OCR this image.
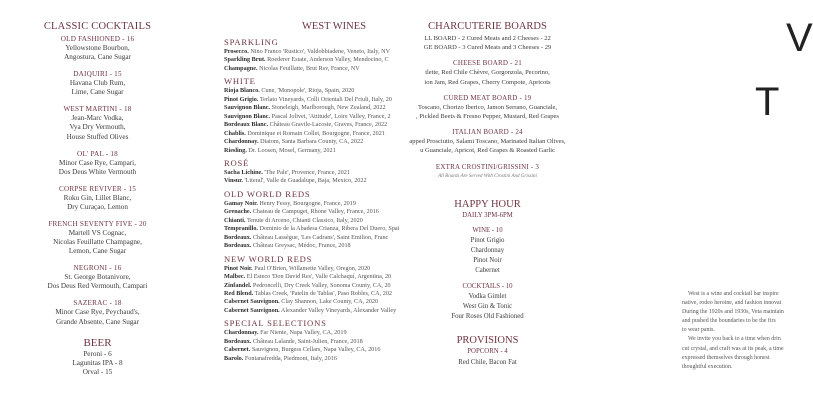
CLASSIC COCKTAILS
OLD FASHIONED - 16
Yellowstone Bourbon,
Angostura, Cane Sugar
DAIQUIRI - 15
Havana Club Rum,
Lime, Cane Sugar
WEST MARTINI - 18
Jean-Marc Vodka,
Vya Dry Vermouth,
House Stuffed Olives
OL' PAL - 18
Minor Case Rye, Campari,
Dos Deus White Vermouth
CORPSE REVIVER - 15
Roku Gin, Lillet Blanc,
Dry Curaçao, Lemon
FRENCH SEVENTY FIVE - 20
Martell VS Cognac,
Nicolas Feuillatte Champagne,
Lemon, Cane Sugar
NEGRONI - 16
St. George Botanivore,
Dos Deus Red Vermouth, Campari
SAZERAC - 18
Minor Case Rye, Peychaud's,
Grande Absente, Cane Sugar
BEER
Peroni - 6
Lagunitas IPA - 8
Orval - 15
WEST WINES
SPARKLING
Prosecco. Nino Franco 'Rustico', Valdobbiadene, Veneto, Italy, NV
Sparkling Brut. Roederer Estate, Anderson Valley, Mendocino, C
Champagne. Nicolas Feuillatte, Brut Rsv, France, NV
WHITE
Rioja Blanco. Cune, 'Monopole', Rioja, Spain, 2020
Pinot Grigio. Terlato Vineyards, Colli Orientali Del Friuli, Italy, 20
Sauvignon Blanc. Stoneleigh, Marlborough, New Zealand, 2022
Sauvignon Blanc. Pascal Jolivet, 'Attitude', Loire Valley, France, 2
Bordeaux Blanc. Château Gravile-Lacoste, Graves, France, 2022
Chablis. Dominique et Romain Collet, Bourgogne, France, 2021
Chardonnay. Diatom, Santa Barbara County, CA, 2022
Riesling. Dr. Loosen, Mosel, Germany, 2021
ROSÉ
Sacha Lichine. 'The Pale', Provence, France, 2021
Vinsur. 'Literal', Valle de Guadalupe, Baja, Mexico, 2022
OLD WORLD REDS
Gamay Noir. Henry Fessy, Bourgogne, France, 2019
Grenache. Chateau de Campuget, Rhone Valley, France, 2016
Chianti. Tenute di Arceno, Chianti Classico, Italy, 2020
Tempranillo. Dominio de la Abadesa Crianza, Ribera Del Duero, Spai
Bordeaux. Château Lassègue, 'Les Cadrans', Saint Emilion, Franc
Bordeaux. Château Greysac, Médoc, France, 2018
NEW WORLD REDS
Pinot Noir. Paul O'Brien, Willamette Valley, Oregon, 2020
Malbec. El Esteco 'Don David Res', Valle Calchaquí, Argentina, 20
Zinfandel. Pedroncelli, Dry Creek Valley, Sonoma County, CA, 20
Red Blend. Tablas Creek, 'Patelin de Tablas', Paso Robles, CA, 202
Cabernet Sauvignon. Clay Shannon, Lake County, CA, 2020
Cabernet Sauvignon. Alexander Valley Vineyards, Alexander Valley
SPECIAL SELECTIONS
Chardonnay. Far Niente, Napa Valley, CA, 2019
Bordeaux. Château Lalande, Saint-Julien, France, 2018
Cabernet. Sauvignon, Burgess Cellars, Napa Valley, CA, 2016
Barolo. Fontanafredda, Piedmont, Italy, 2016
CHARCUTERIE BOARDS
LL BOARD - 2 Cured Meats and 2 Cheeses - 22
GE BOARD - 3 Cured Meats and 3 Cheeses - 29
CHEESE BOARD - 21
tlette, Red Chile Chèvre, Gorgonzola, Pecorino,
ion Jam, Red Grapes, Cherry Compote, Apricots
CURED MEAT BOARD - 19
Toscano, Chorizo Iberico, Jamon Serrano, Guanciale,
, Pickled Beets & Fresno Pepper, Mustard, Red Grapes
ITALIAN BOARD - 24
apped Prosciutto, Salami Toscano, Marinated Italian Olives,
u Guanciale, Apricot, Red Grapes & Roasted Garlic
EXTRA CROSTINI/GRISSINI - 3
All Boards Are Served With Crostini And Grissini
HAPPY HOUR
DAILY 3PM-6PM
WINE - 10
Pinot Grigio
Chardonnay
Pinot Noir
Cabernet
COCKTAILS - 10
Vodka Gimlet
West Gin & Tonic
Four Roses Old Fashioned
PROVISIONS
POPCORN - 4
Red Chile, Bacon Fat
V
T
West is a wine and cocktail bar inspire
native, rodeo heroine, and fashion innovat
During the 1920s and 1930s, Veta maintain
and pushed the boundaries to be the firs
to wear pants.
We invite you back to a time when drin
cut crystal, and craft was at its peak, a time
expressed themselves through honest
thoughtful execution.
